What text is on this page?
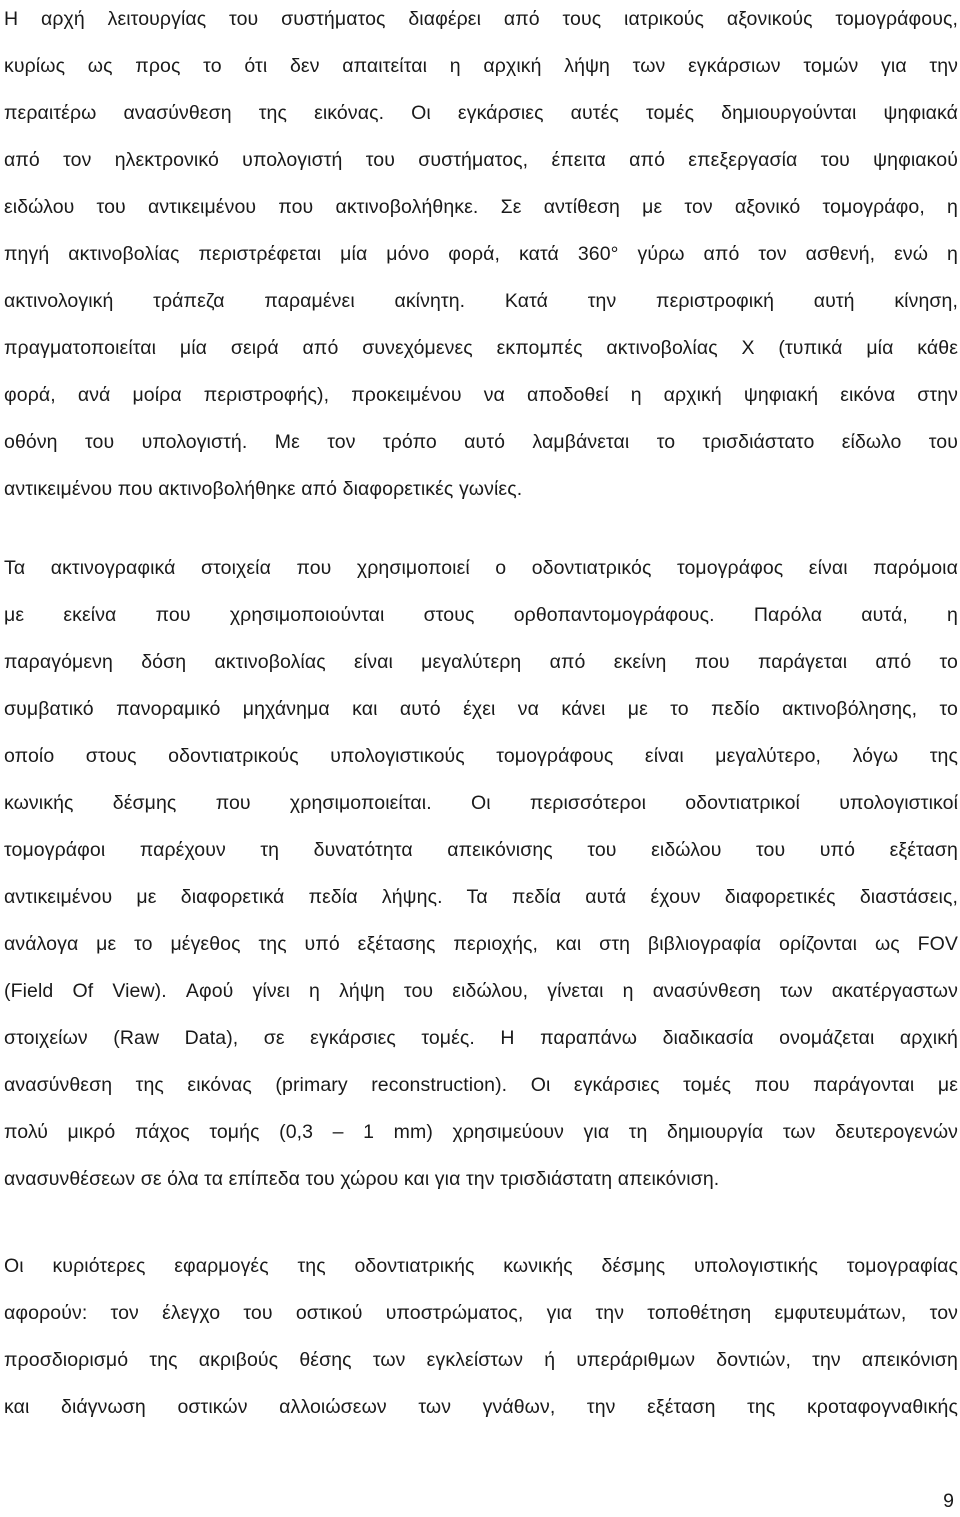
Η αρχή λειτουργίας του συστήματος διαφέρει από τους ιατρικούς αξονικούς τομογράφους,
κυρίως ως προς το ότι δεν απαιτείται η αρχική λήψη των εγκάρσιων τομών για την
περαιτέρω ανασύνθεση της εικόνας. Οι εγκάρσιες αυτές τομές δημιουργούνται ψηφιακά
από τον ηλεκτρονικό υπολογιστή του συστήματος, έπειτα από επεξεργασία του ψηφιακού
ειδώλου του αντικειμένου που ακτινοβολήθηκε. Σε αντίθεση με τον αξονικό τομογράφο, η
πηγή ακτινοβολίας περιστρέφεται μία μόνο φορά, κατά 360° γύρω από τον ασθενή, ενώ η
ακτινολογική τράπεζα παραμένει ακίνητη. Κατά την περιστροφική αυτή κίνηση,
πραγματοποιείται μία σειρά από συνεχόμενες εκπομπές ακτινοβολίας Χ (τυπικά μία κάθε
φορά, ανά μοίρα περιστροφής), προκειμένου να αποδοθεί η αρχική ψηφιακή εικόνα στην
οθόνη του υπολογιστή. Με τον τρόπο αυτό λαμβάνεται το τρισδιάστατο είδωλο του
αντικειμένου που ακτινοβολήθηκε από διαφορετικές γωνίες.
Τα ακτινογραφικά στοιχεία που χρησιμοποιεί ο οδοντιατρικός τομογράφος είναι παρόμοια
με εκείνα που χρησιμοποιούνται στους ορθοπαντομογράφους. Παρόλα αυτά, η
παραγόμενη δόση ακτινοβολίας είναι μεγαλύτερη από εκείνη που παράγεται από το
συμβατικό πανοραμικό μηχάνημα και αυτό έχει να κάνει με το πεδίο ακτινοβόλησης, το
οποίο στους οδοντιατρικούς υπολογιστικούς τομογράφους είναι μεγαλύτερο, λόγω της
κωνικής δέσμης που χρησιμοποιείται. Οι περισσότεροι οδοντιατρικοί υπολογιστικοί
τομογράφοι παρέχουν τη δυνατότητα απεικόνισης του ειδώλου του υπό εξέταση
αντικειμένου με διαφορετικά πεδία λήψης. Τα πεδία αυτά έχουν διαφορετικές διαστάσεις,
ανάλογα με το μέγεθος της υπό εξέτασης περιοχής, και στη βιβλιογραφία ορίζονται ως FOV
(Field Of View). Αφού γίνει η λήψη του ειδώλου, γίνεται η ανασύνθεση των ακατέργαστων
στοιχείων (Raw Data), σε εγκάρσιες τομές. Η παραπάνω διαδικασία ονομάζεται αρχική
ανασύνθεση της εικόνας (primary reconstruction). Οι εγκάρσιες τομές που παράγονται με
πολύ μικρό πάχος τομής (0,3 – 1 mm) χρησιμεύουν για τη δημιουργία των δευτερογενών
ανασυνθέσεων σε όλα τα επίπεδα του χώρου και για την τρισδιάστατη απεικόνιση.
Οι κυριότερες εφαρμογές της οδοντιατρικής κωνικής δέσμης υπολογιστικής τομογραφίας
αφορούν: τον έλεγχο του οστικού υποστρώματος, για την τοποθέτηση εμφυτευμάτων, τον
προσδιορισμό της ακριβούς θέσης των εγκλείστων ή υπεράριθμων δοντιών, την απεικόνιση
και διάγνωση οστικών αλλοιώσεων των γνάθων, την εξέταση της κροταφογναθικής
9
